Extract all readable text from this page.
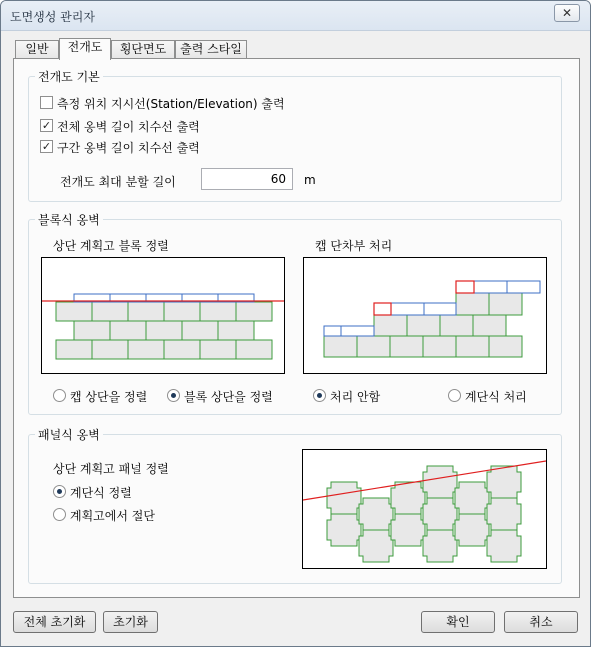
도면생성 관리자	✕
일반	전개도	횡단면도	출력 스타일
전개도 기본
측정 위치 지시선(Station/Elevation) 출력
✓ 전체 옹벽 길이 치수선 출력
✓ 구간 옹벽 길이 치수선 출력
전개도 최대 분할 길이	60	m
블록식 옹벽
상단 계획고 블록 정렬	캡 단차부 처리
캡 상단을 정렬	블록 상단을 정렬	처리 안함	계단식 처리
패널식 옹벽
상단 계획고 패널 정렬
계단식 정렬
계획고에서 절단
전체 초기화	초기화	확인	취소
